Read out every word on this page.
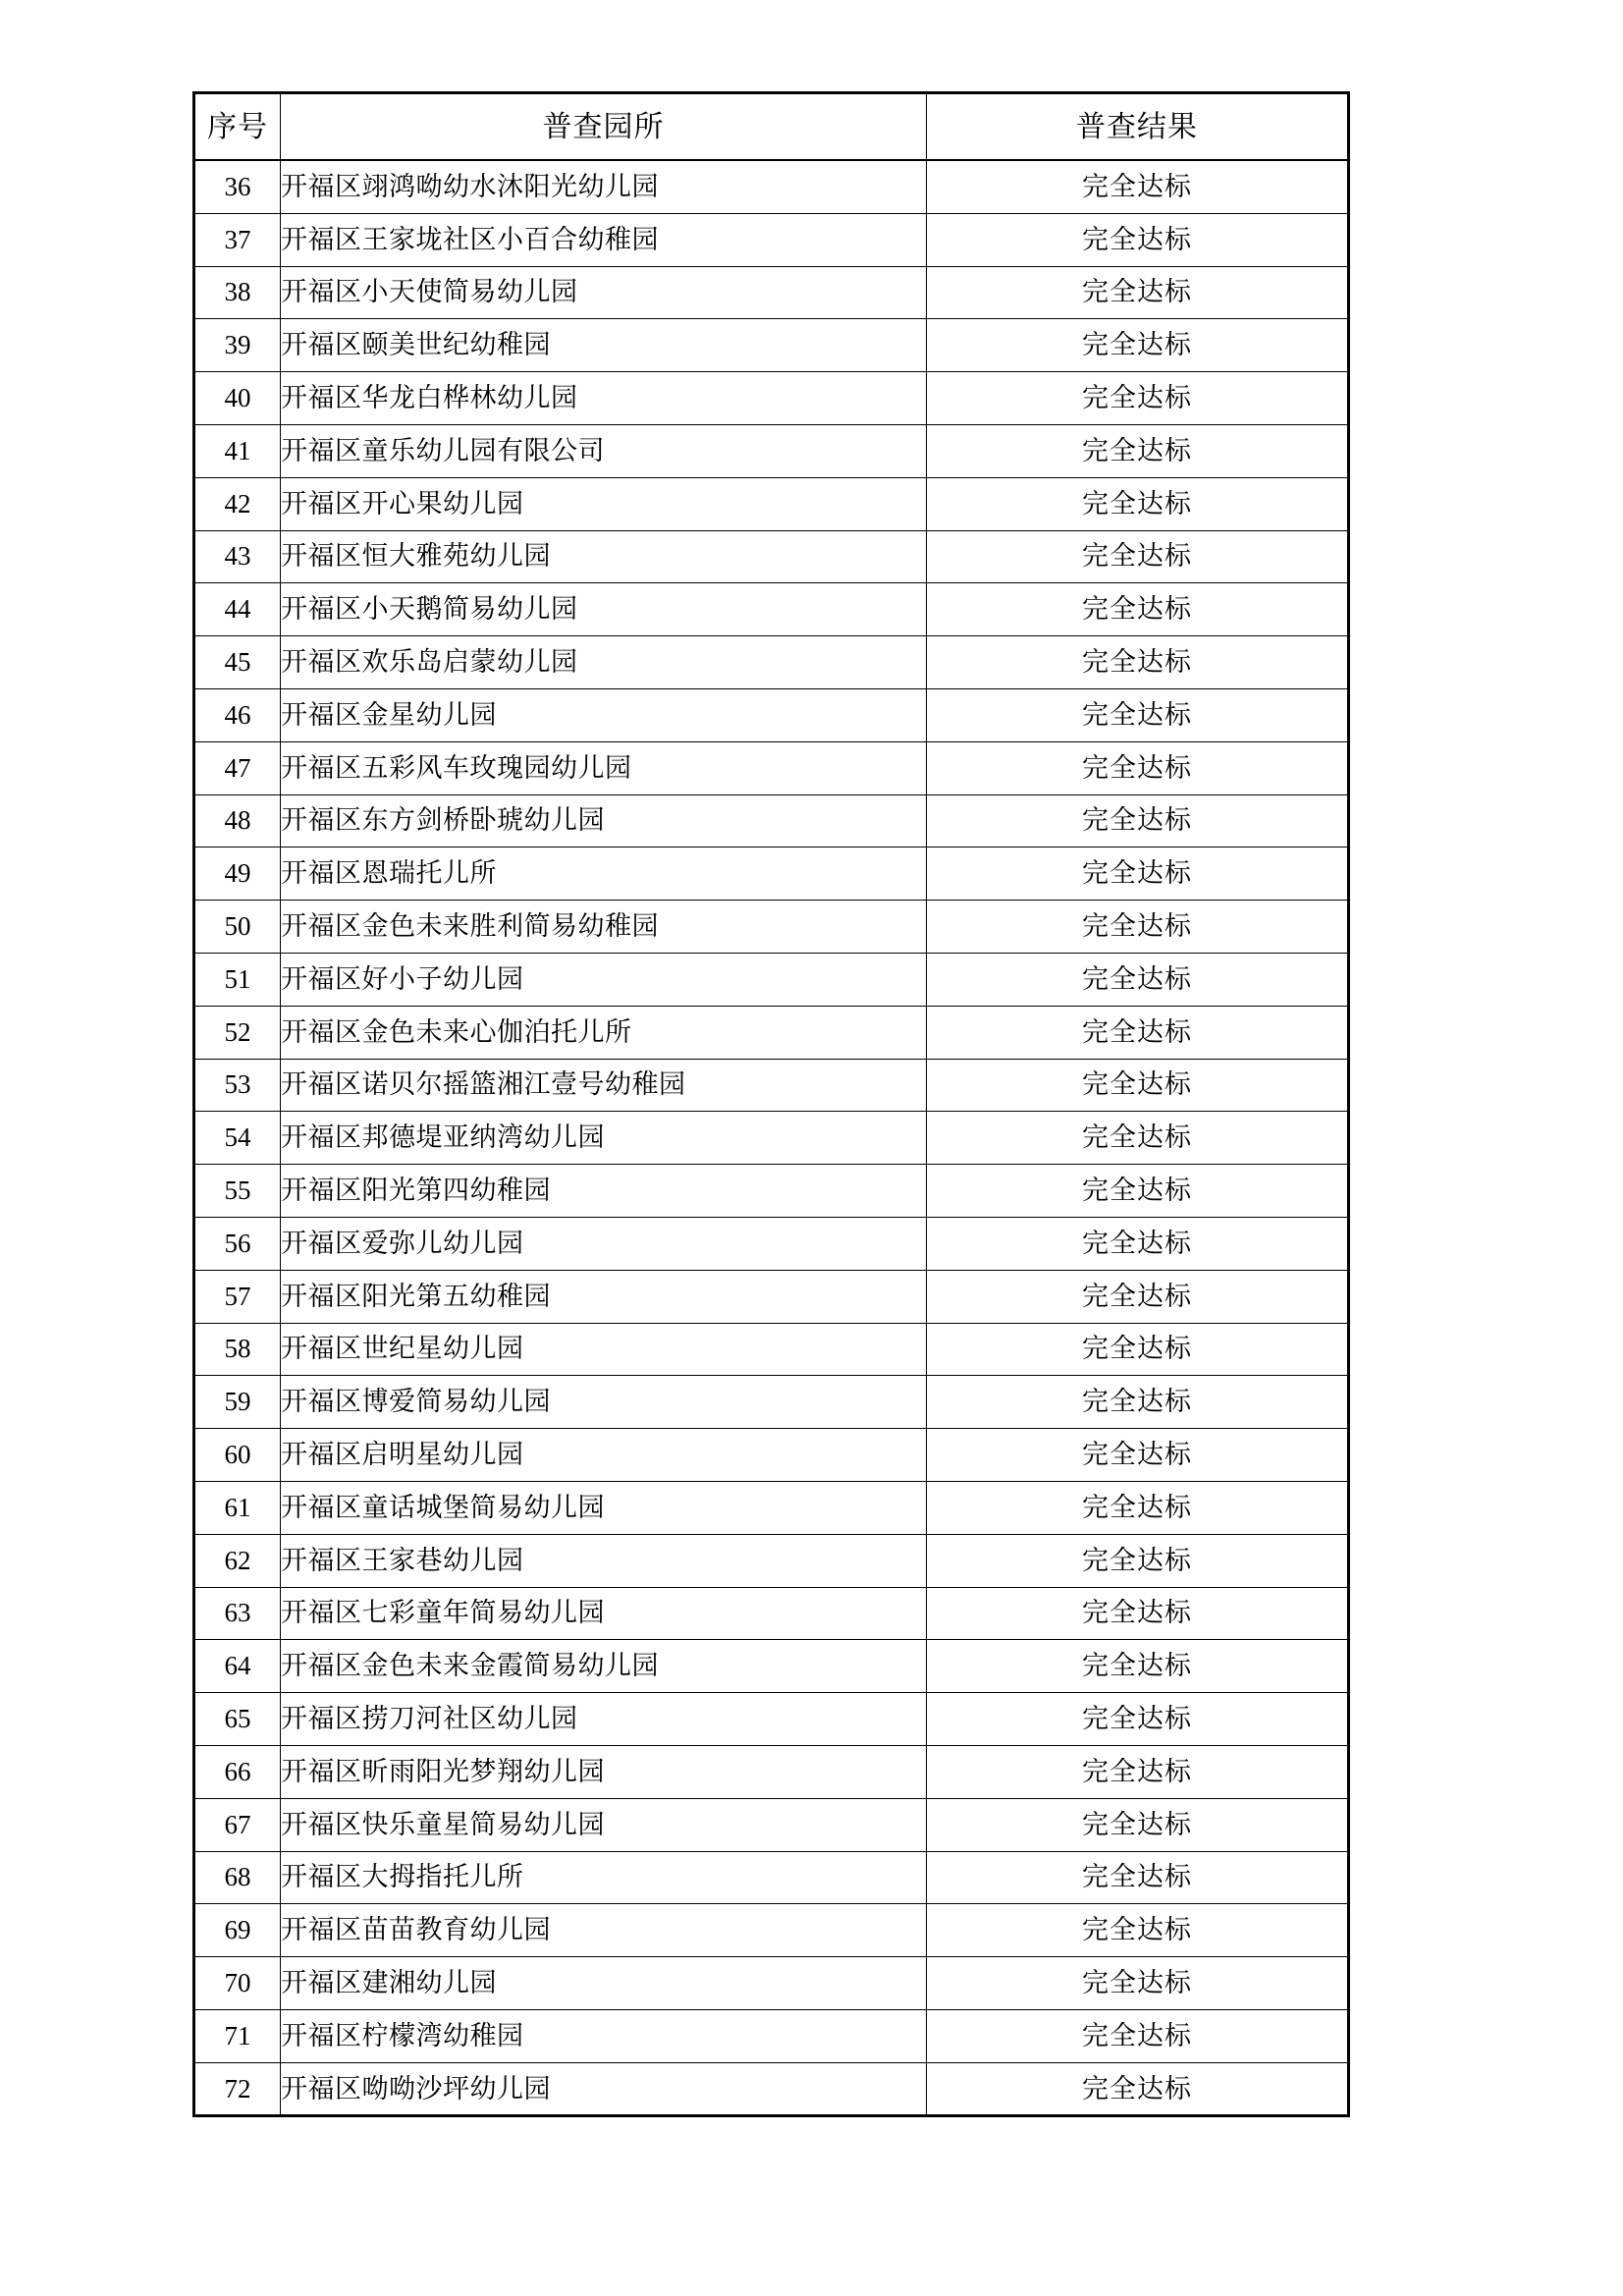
序号	普查园所	普查结果
36	开福区翊鸿呦幼水沐阳光幼儿园	完全达标
37	开福区王家垅社区小百合幼稚园	完全达标
38	开福区小天使简易幼儿园	完全达标
39	开福区颐美世纪幼稚园	完全达标
40	开福区华龙白桦林幼儿园	完全达标
41	开福区童乐幼儿园有限公司	完全达标
42	开福区开心果幼儿园	完全达标
43	开福区恒大雅苑幼儿园	完全达标
44	开福区小天鹅简易幼儿园	完全达标
45	开福区欢乐岛启蒙幼儿园	完全达标
46	开福区金星幼儿园	完全达标
47	开福区五彩风车玫瑰园幼儿园	完全达标
48	开福区东方剑桥卧琥幼儿园	完全达标
49	开福区恩瑞托儿所	完全达标
50	开福区金色未来胜利简易幼稚园	完全达标
51	开福区好小子幼儿园	完全达标
52	开福区金色未来心伽泊托儿所	完全达标
53	开福区诺贝尔摇篮湘江壹号幼稚园	完全达标
54	开福区邦德堤亚纳湾幼儿园	完全达标
55	开福区阳光第四幼稚园	完全达标
56	开福区爱弥儿幼儿园	完全达标
57	开福区阳光第五幼稚园	完全达标
58	开福区世纪星幼儿园	完全达标
59	开福区博爱简易幼儿园	完全达标
60	开福区启明星幼儿园	完全达标
61	开福区童话城堡简易幼儿园	完全达标
62	开福区王家巷幼儿园	完全达标
63	开福区七彩童年简易幼儿园	完全达标
64	开福区金色未来金霞简易幼儿园	完全达标
65	开福区捞刀河社区幼儿园	完全达标
66	开福区昕雨阳光梦翔幼儿园	完全达标
67	开福区快乐童星简易幼儿园	完全达标
68	开福区大拇指托儿所	完全达标
69	开福区苗苗教育幼儿园	完全达标
70	开福区建湘幼儿园	完全达标
71	开福区柠檬湾幼稚园	完全达标
72	开福区呦呦沙坪幼儿园	完全达标
